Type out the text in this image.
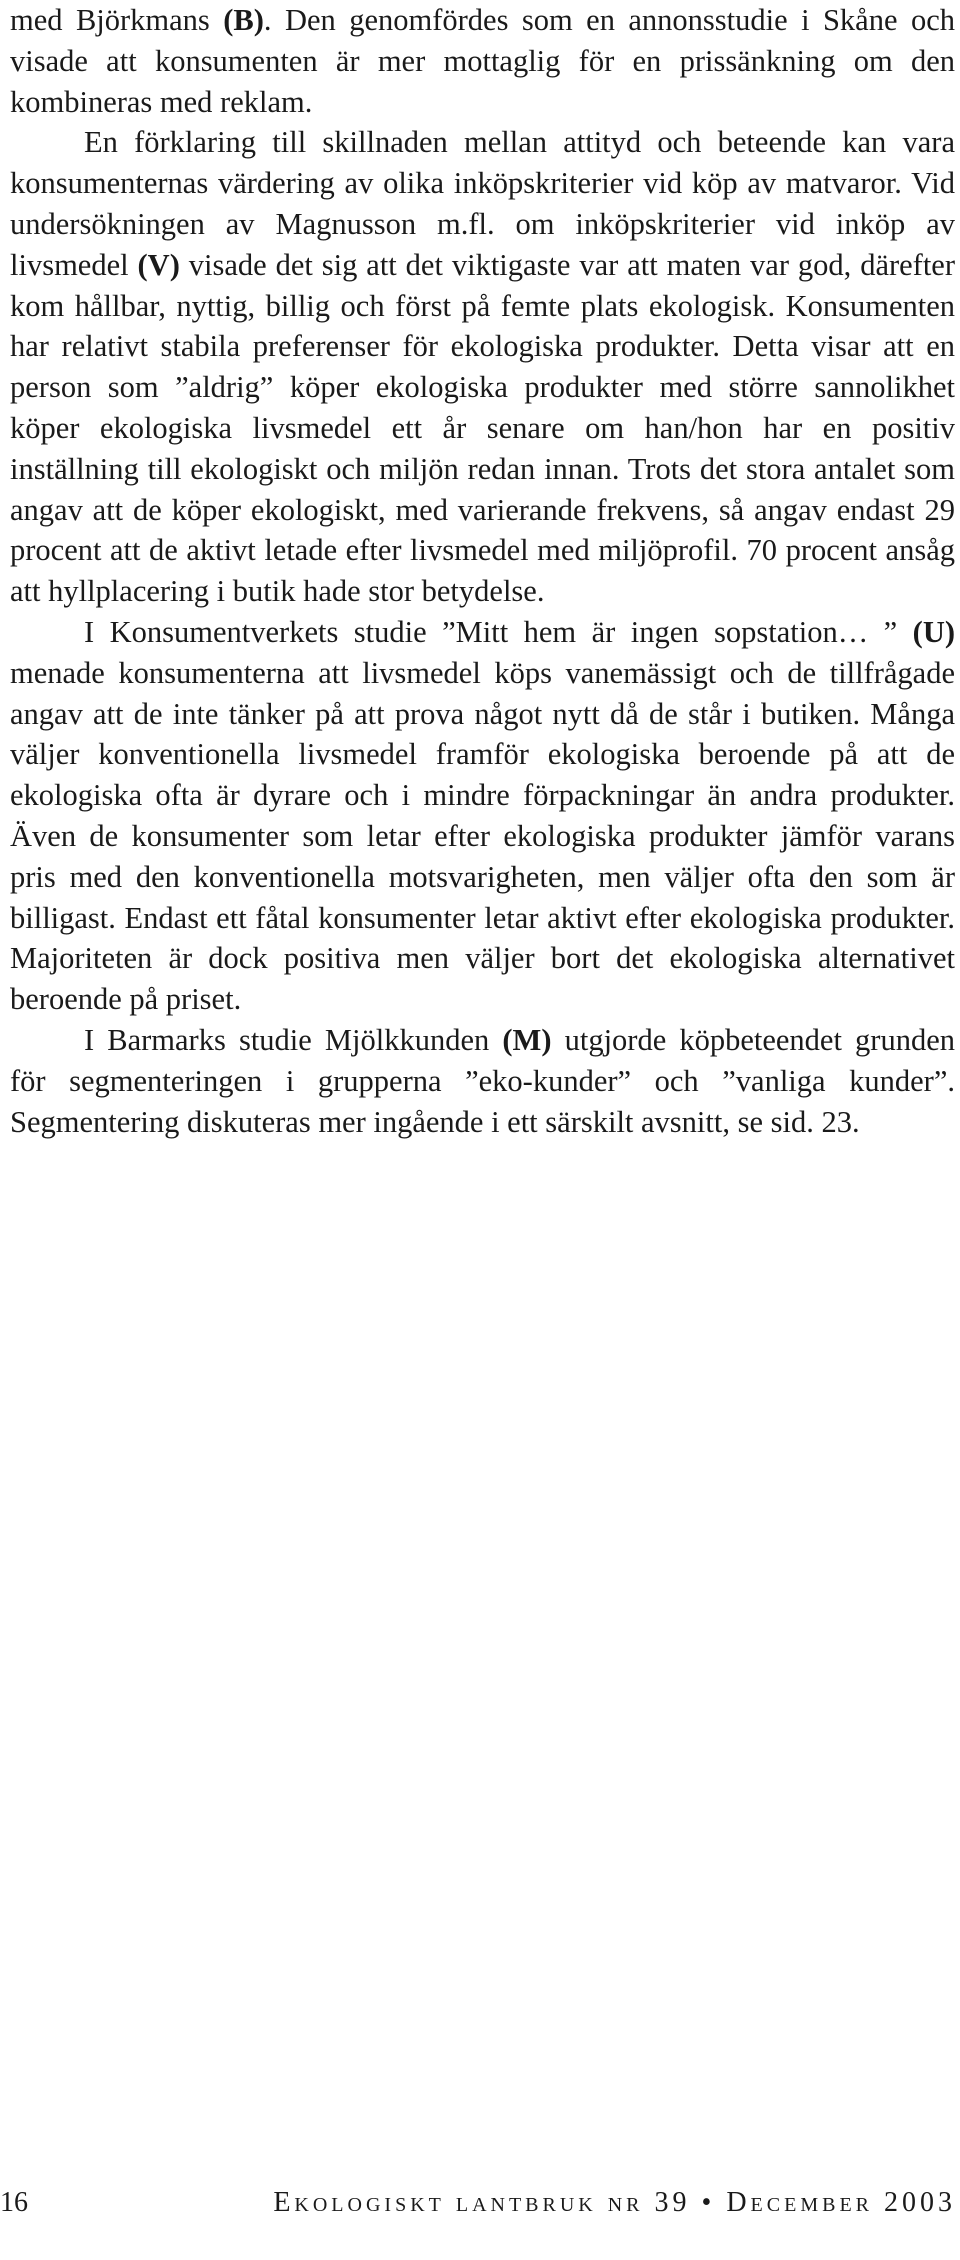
med Björkmans (B). Den genomfördes som en annonsstudie i Skåne och visade att konsumenten är mer mottaglig för en prissänkning om den kombineras med reklam.

En förklaring till skillnaden mellan attityd och beteende kan vara konsumenternas värdering av olika inköpskriterier vid köp av matvaror. Vid undersökningen av Magnusson m.fl. om inköpskriterier vid inköp av livsmedel (V) visade det sig att det viktigaste var att maten var god, därefter kom hållbar, nyttig, billig och först på femte plats ekologisk. Konsumenten har relativt stabila preferenser för ekologiska produkter. Detta visar att en person som ”aldrig” köper ekologiska produkter med större sannolikhet köper ekologiska livsmedel ett år senare om han/hon har en positiv inställning till ekologiskt och miljön redan innan. Trots det stora antalet som angav att de köper ekologiskt, med varierande frekvens, så angav endast 29 procent att de aktivt letade efter livsmedel med miljöprofil. 70 procent ansåg att hyllplacering i butik hade stor betydelse.

I Konsumentverkets studie ”Mitt hem är ingen sopstation… ” (U) menade konsumenterna att livsmedel köps vanemässigt och de tillfrågade angav att de inte tänker på att prova något nytt då de står i butiken. Många väljer konventionella livsmedel framför ekologiska beroende på att de ekologiska ofta är dyrare och i mindre förpackningar än andra produkter. Även de konsumenter som letar efter ekologiska produkter jämför varans pris med den konventionella motsvarigheten, men väljer ofta den som är billigast. Endast ett fåtal konsumenter letar aktivt efter ekologiska produkter. Majoriteten är dock positiva men väljer bort det ekologiska alternativet beroende på priset.

I Barmarks studie Mjölkkunden (M) utgjorde köpbeteendet grunden för segmenteringen i grupperna ”eko-kunder” och ”vanliga kunder”. Segmentering diskuteras mer ingående i ett särskilt avsnitt, se sid. 23.

16	Ekologiskt lantbruk nr 39 • December 2003
